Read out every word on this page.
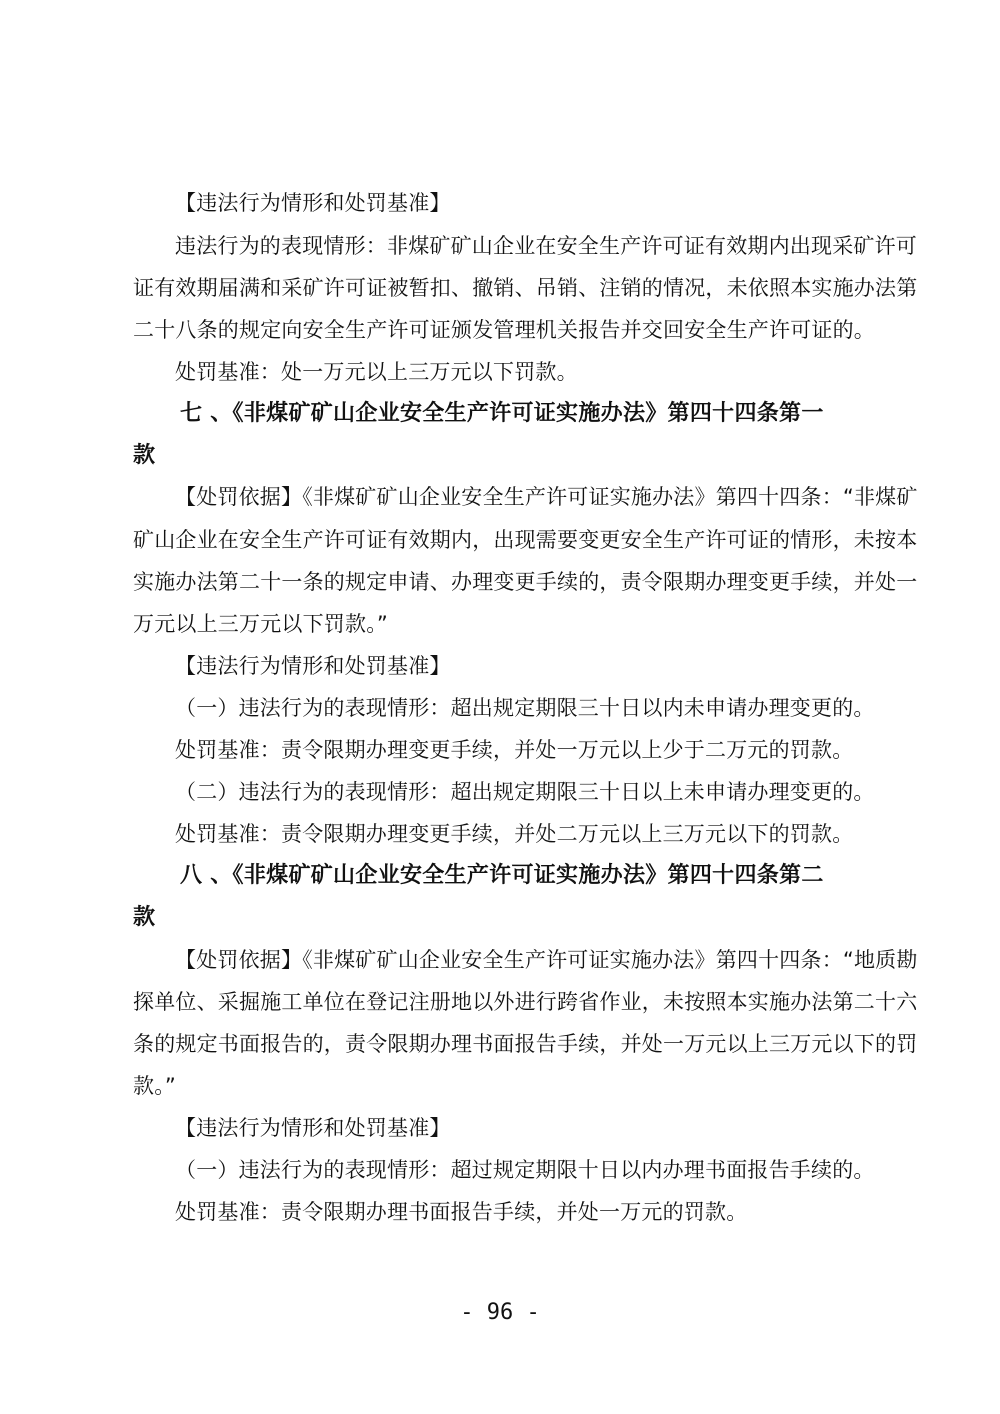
【违法行为情形和处罚基准】
违法行为的表现情形：非煤矿矿山企业在安全生产许可证有效期内出现采矿许可
证有效期届满和采矿许可证被暂扣、撤销、吊销、注销的情况，未依照本实施办法第
二十八条的规定向安全生产许可证颁发管理机关报告并交回安全生产许可证的。
处罚基准：处一万元以上三万元以下罚款。
七 、《非煤矿矿山企业安全生产许可证实施办法》第四十四条第一
款
【处罚依据】《非煤矿矿山企业安全生产许可证实施办法》第四十四条：“非煤矿
矿山企业在安全生产许可证有效期内，出现需要变更安全生产许可证的情形，未按本
实施办法第二十一条的规定申请、办理变更手续的，责令限期办理变更手续，并处一
万元以上三万元以下罚款。”
【违法行为情形和处罚基准】
（一）违法行为的表现情形：超出规定期限三十日以内未申请办理变更的。
处罚基准：责令限期办理变更手续，并处一万元以上少于二万元的罚款。
（二）违法行为的表现情形：超出规定期限三十日以上未申请办理变更的。
处罚基准：责令限期办理变更手续，并处二万元以上三万元以下的罚款。
八 、《非煤矿矿山企业安全生产许可证实施办法》第四十四条第二
款
【处罚依据】《非煤矿矿山企业安全生产许可证实施办法》第四十四条：“地质勘
探单位、采掘施工单位在登记注册地以外进行跨省作业，未按照本实施办法第二十六
条的规定书面报告的，责令限期办理书面报告手续，并处一万元以上三万元以下的罚
款。”
【违法行为情形和处罚基准】
（一）违法行为的表现情形：超过规定期限十日以内办理书面报告手续的。
处罚基准：责令限期办理书面报告手续，并处一万元的罚款。
- 96 -
